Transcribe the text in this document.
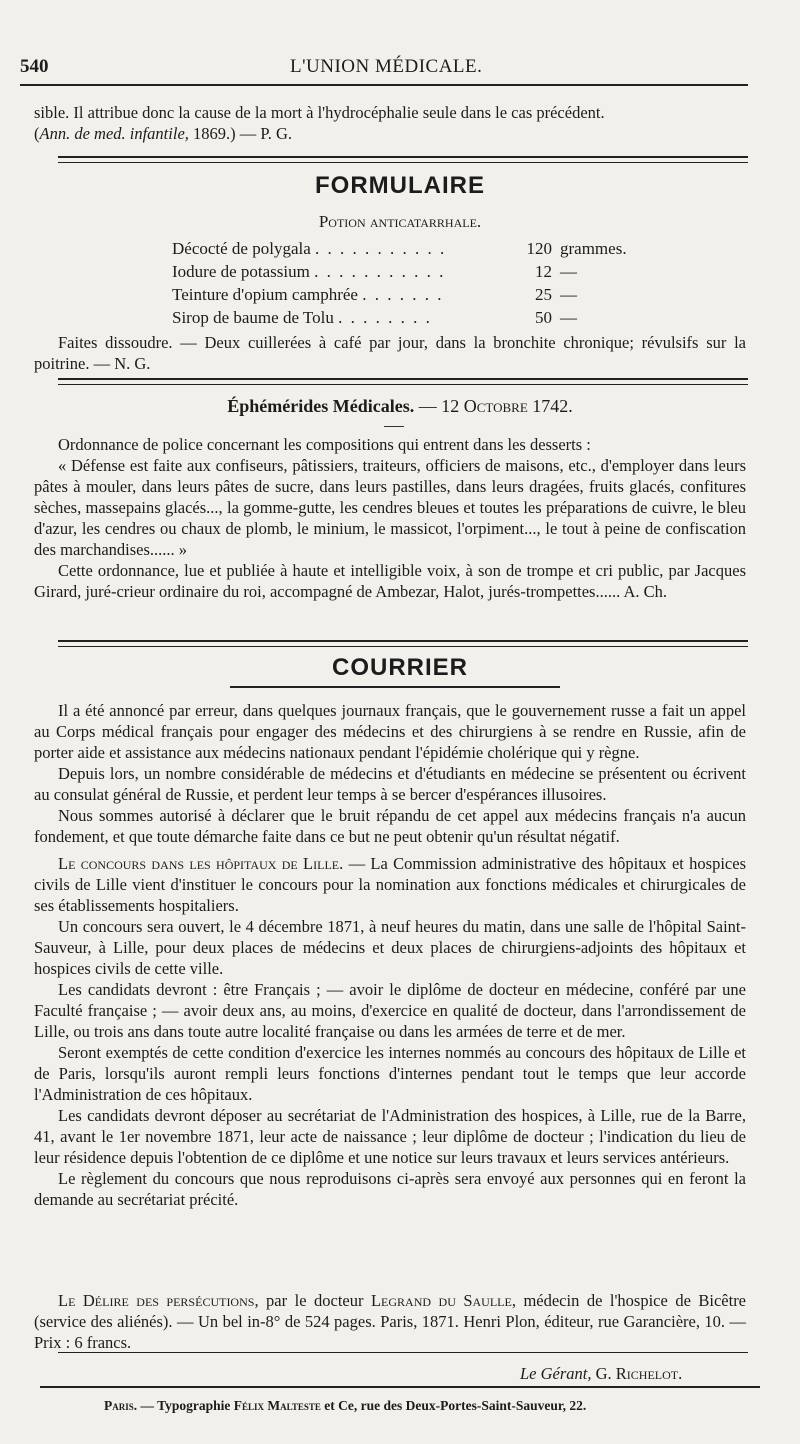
540	L'UNION MÉDICALE.
sible. Il attribue donc la cause de la mort à l'hydrocéphalie seule dans le cas précédent.
(Ann. de med. infantile, 1869.) — P. G.
FORMULAIRE
Potion anticatarrhale.
Décocté de polygala . . . . . . . . . . .	120 grammes.
Iodure de potassium . . . . . . . . . . .	12 —
Teinture d'opium camphrée . . . . . . .	25 —
Sirop de baume de Tolu . . . . . . . .	50 —
Faites dissoudre. — Deux cuillerées à café par jour, dans la bronchite chronique; révulsifs sur la poitrine. — N. G.
Éphémérides Médicales. — 12 Octobre 1742.
Ordonnance de police concernant les compositions qui entrent dans les desserts :
« Défense est faite aux confiseurs, pâtissiers, traiteurs, officiers de maisons, etc., d'employer dans leurs pâtes à mouler, dans leurs pâtes de sucre, dans leurs pastilles, dans leurs dragées, fruits glacés, confitures sèches, massepains glacés..., la gomme-gutte, les cendres bleues et toutes les préparations de cuivre, le bleu d'azur, les cendres ou chaux de plomb, le minium, le massicot, l'orpiment..., le tout à peine de confiscation des marchandises...... »
Cette ordonnance, lue et publiée à haute et intelligible voix, à son de trompe et cri public, par Jacques Girard, juré-crieur ordinaire du roi, accompagné de Ambezar, Halot, jurés-trompettes...... A. Ch.
COURRIER
Il a été annoncé par erreur, dans quelques journaux français, que le gouvernement russe a fait un appel au Corps médical français pour engager des médecins et des chirurgiens à se rendre en Russie, afin de porter aide et assistance aux médecins nationaux pendant l'épidémie cholérique qui y règne.
Depuis lors, un nombre considérable de médecins et d'étudiants en médecine se présentent ou écrivent au consulat général de Russie, et perdent leur temps à se bercer d'espérances illusoires.
Nous sommes autorisé à déclarer que le bruit répandu de cet appel aux médecins français n'a aucun fondement, et que toute démarche faite dans ce but ne peut obtenir qu'un résultat négatif.
Le concours dans les hôpitaux de Lille. — La Commission administrative des hôpitaux et hospices civils de Lille vient d'instituer le concours pour la nomination aux fonctions médicales et chirurgicales de ses établissements hospitaliers.
Un concours sera ouvert, le 4 décembre 1871, à neuf heures du matin, dans une salle de l'hôpital Saint-Sauveur, à Lille, pour deux places de médecins et deux places de chirurgiens-adjoints des hôpitaux et hospices civils de cette ville.
Les candidats devront : être Français ; — avoir le diplôme de docteur en médecine, conféré par une Faculté française ; — avoir deux ans, au moins, d'exercice en qualité de docteur, dans l'arrondissement de Lille, ou trois ans dans toute autre localité française ou dans les armées de terre et de mer.
Seront exemptés de cette condition d'exercice les internes nommés au concours des hôpitaux de Lille et de Paris, lorsqu'ils auront rempli leurs fonctions d'internes pendant tout le temps que leur accorde l'Administration de ces hôpitaux.
Les candidats devront déposer au secrétariat de l'Administration des hospices, à Lille, rue de la Barre, 41, avant le 1er novembre 1871, leur acte de naissance ; leur diplôme de docteur ; l'indication du lieu de leur résidence depuis l'obtention de ce diplôme et une notice sur leurs travaux et leurs services antérieurs.
Le règlement du concours que nous reproduisons ci-après sera envoyé aux personnes qui en feront la demande au secrétariat précité.
Le Délire des persécutions, par le docteur Legrand du Saulle, médecin de l'hospice de Bicêtre (service des aliénés). — Un bel in-8° de 524 pages. Paris, 1871. Henri Plon, éditeur, rue Garancière, 10. — Prix : 6 francs.
Le Gérant, G. Richelot.
Paris. — Typographie Félix Malteste et Ce, rue des Deux-Portes-Saint-Sauveur, 22.
